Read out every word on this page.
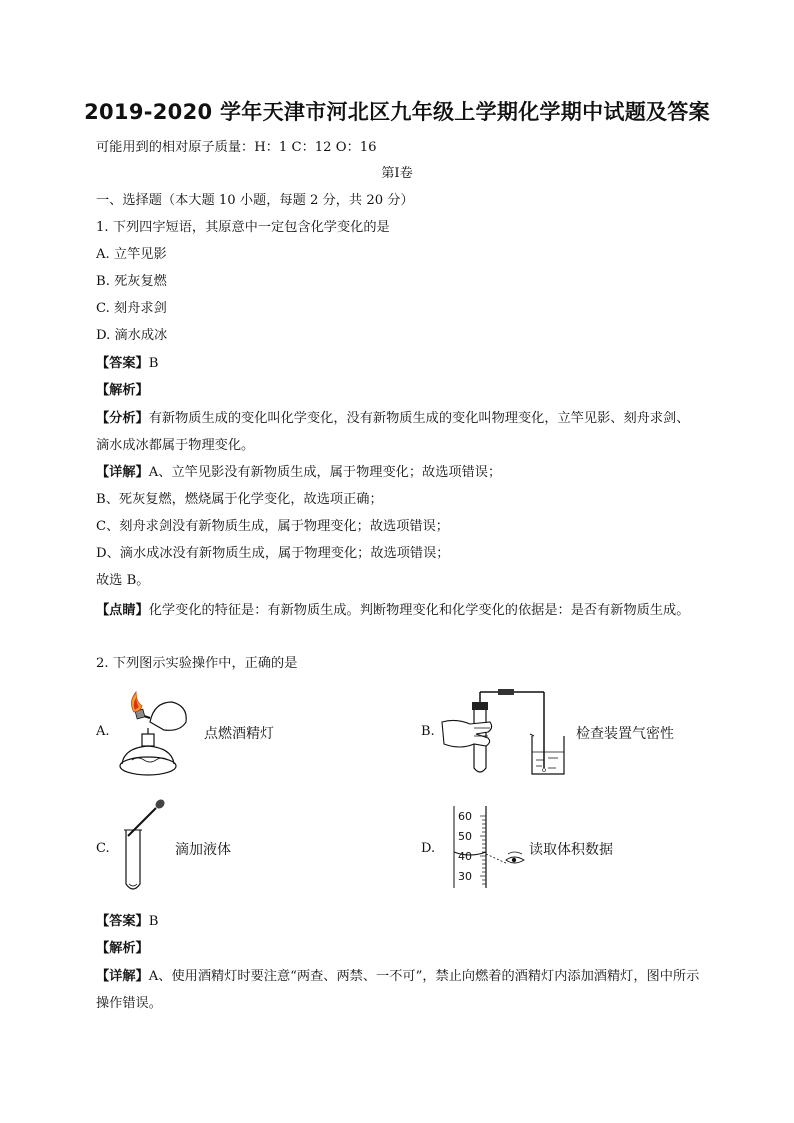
2019-2020 学年天津市河北区九年级上学期化学期中试题及答案
可能用到的相对原子质量：H：1 C：12 O：16
第Ⅰ卷
一、选择题（本大题 10 小题，每题 2 分，共 20 分）
1. 下列四字短语，其原意中一定包含化学变化的是
A. 立竿见影
B. 死灰复燃
C. 刻舟求剑
D. 滴水成冰
【答案】B
【解析】
【分析】有新物质生成的变化叫化学变化，没有新物质生成的变化叫物理变化，立竿见影、刻舟求剑、滴水成冰都属于物理变化。
【详解】A、立竿见影没有新物质生成，属于物理变化；故选项错误；
B、死灰复燃，燃烧属于化学变化，故选项正确；
C、刻舟求剑没有新物质生成，属于物理变化；故选项错误；
D、滴水成冰没有新物质生成，属于物理变化；故选项错误；
故选 B。
【点睛】化学变化的特征是：有新物质生成。判断物理变化和化学变化的依据是：是否有新物质生成。
2. 下列图示实验操作中，正确的是
A.	点燃酒精灯	B.	检查装置气密性
C.	滴加液体	D.
60
50
40
30
读取体积数据
【答案】B
【解析】
【详解】A、使用酒精灯时要注意“两查、两禁、一不可”，禁止向燃着的酒精灯内添加酒精灯，图中所示操作错误。
